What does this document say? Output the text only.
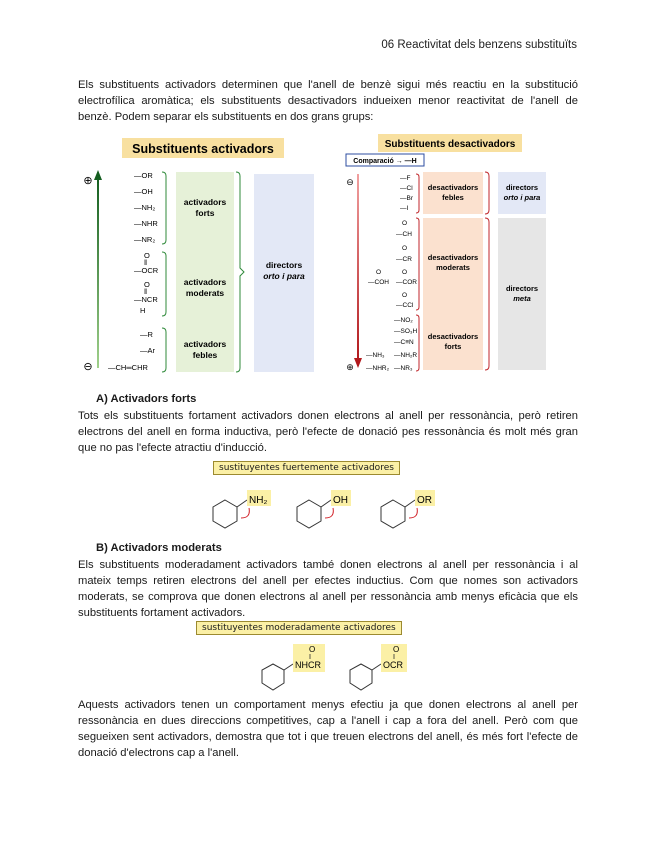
06 Reactivitat dels benzens substituïts
Els substituents activadors determinen que l'anell de benzè sigui més reactiu en la substitució electrofílica aromàtica; els substituents desactivadors indueixen menor reactivitat de l'anell de benzè. Podem separar els substituents en dos grans grups:
Substituents activadors
⊕
⊖
—OR
—OH
—NH₂
—NHR
—NR₂
O
‖
—OCR
O
‖
—NCR
H
—R
—Ar
—CH═CHR
activadors
forts
activadors
moderats
activadors
febles
directors
orto i para
Substituents desactivadors
Comparació → —H
⊖
⊕
—F
—Cl
—Br
—I
desactivadors
febles
directors
orto i para
O
—CH
O
—CR
O	O
—COH —COR
O
—CCl
desactivadors
moderats
—NO₂
—SO₃H
—C≡N
—NH₃ —NH₂R
—NHR₂ —NR₃
desactivadors
forts
directors
meta
A) Activadors forts
Tots els substituents fortament activadors donen electrons al anell per ressonància, però retiren electrons del anell en forma inductiva, però l'efecte de donació pes ressonància és molt més gran que no pas l'efecte atractiu d'inducció.
sustituyentes fuertemente activadores
NH₂	OH	OR
B) Activadors moderats
Els substituents moderadament activadors també donen electrons al anell per ressonància i al mateix temps retiren electrons del anell per efectes inductius. Com que nomes son activadors moderats, se comprova que donen electrons al anell per ressonància amb menys eficàcia que els substituents fortament activadors.
sustituyentes moderadamente activadores
O
NHCR
O
OCR
Aquests activadors tenen un comportament menys efectiu ja que donen electrons al anell per ressonància en dues direccions competitives, cap a l'anell i cap a fora del anell. Però com que segueixen sent activadors, demostra que tot i que treuen electrons del anell, és més fort l'efecte de donació d'electrons cap a l'anell.
